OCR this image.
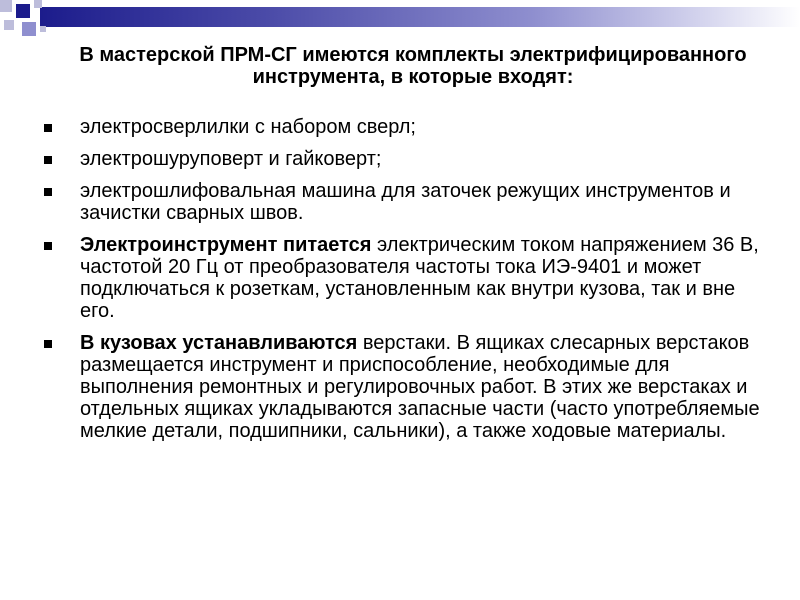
В мастерской ПРМ-СГ имеются комплекты электрифицированного инструмента, в которые входят:
электросверлилки с набором сверл;
электрошуруповерт и гайковерт;
электрошлифовальная машина для заточек режущих инструментов и зачистки сварных швов.
Электроинструмент питается электрическим током напряжением 36 В, частотой 20 Гц от преобразователя частоты тока ИЭ-9401 и может подключаться к розеткам, установленным как внутри кузова, так и вне его.
В кузовах устанавливаются верстаки. В ящиках слесарных верстаков размещается инструмент и приспособление, необходимые для выполнения ремонтных и регулировочных работ. В этих же верстаках и отдельных ящиках укладываются запасные части (часто употребляемые мелкие детали, подшипники, сальники), а также ходовые материалы.
